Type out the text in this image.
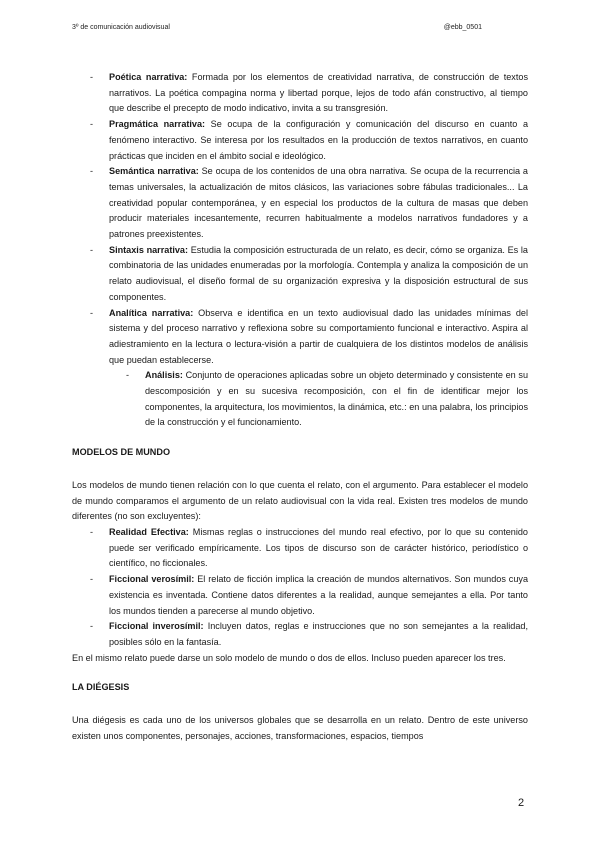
3º de comunicación audiovisual	@ebb_0501
-	Poética narrativa: Formada por los elementos de creatividad narrativa, de construcción de textos narrativos. La poética compagina norma y libertad porque, lejos de todo afán constructivo, al tiempo que describe el precepto de modo indicativo, invita a su transgresión.
-	Pragmática narrativa: Se ocupa de la configuración y comunicación del discurso en cuanto a fenómeno interactivo. Se interesa por los resultados en la producción de textos narrativos, en cuanto prácticas que inciden en el ámbito social e ideológico.
-	Semántica narrativa: Se ocupa de los contenidos de una obra narrativa. Se ocupa de la recurrencia a temas universales, la actualización de mitos clásicos, las variaciones sobre fábulas tradicionales... La creatividad popular contemporánea, y en especial los productos de la cultura de masas que deben producir materiales incesantemente, recurren habitualmente a modelos narrativos fundadores y a patrones preexistentes.
-	Sintaxis narrativa: Estudia la composición estructurada de un relato, es decir, cómo se organiza. Es la combinatoria de las unidades enumeradas por la morfología. Contempla y analiza la composición de un relato audiovisual, el diseño formal de su organización expresiva y la disposición estructural de sus componentes.
-	Analítica narrativa: Observa e identifica en un texto audiovisual dado las unidades mínimas del sistema y del proceso narrativo y reflexiona sobre su comportamiento funcional e interactivo. Aspira al adiestramiento en la lectura o lectura-visión a partir de cualquiera de los distintos modelos de análisis que puedan establecerse.
-	Análisis: Conjunto de operaciones aplicadas sobre un objeto determinado y consistente en su descomposición y en su sucesiva recomposición, con el fin de identificar mejor los componentes, la arquitectura, los movimientos, la dinámica, etc.: en una palabra, los principios de la construcción y el funcionamiento.
MODELOS DE MUNDO

Los modelos de mundo tienen relación con lo que cuenta el relato, con el argumento. Para establecer el modelo de mundo comparamos el argumento de un relato audiovisual con la vida real. Existen tres modelos de mundo diferentes (no son excluyentes):

-	Realidad Efectiva: Mismas reglas o instrucciones del mundo real efectivo, por lo que su contenido puede ser verificado empíricamente. Los tipos de discurso son de carácter histórico, periodístico o científico, no ficcionales.
-	Ficcional verosímil: El relato de ficción implica la creación de mundos alternativos. Son mundos cuya existencia es inventada. Contiene datos diferentes a la realidad, aunque semejantes a ella. Por tanto los mundos tienden a parecerse al mundo objetivo.
-	Ficcional inverosímil: Incluyen datos, reglas e instrucciones que no son semejantes a la realidad, posibles sólo en la fantasía.

En el mismo relato puede darse un solo modelo de mundo o dos de ellos. Incluso pueden aparecer los tres.

LA DIÉGESIS

Una diégesis es cada uno de los universos globales que se desarrolla en un relato. Dentro de este universo existen unos componentes, personajes, acciones, transformaciones, espacios, tiempos

2
